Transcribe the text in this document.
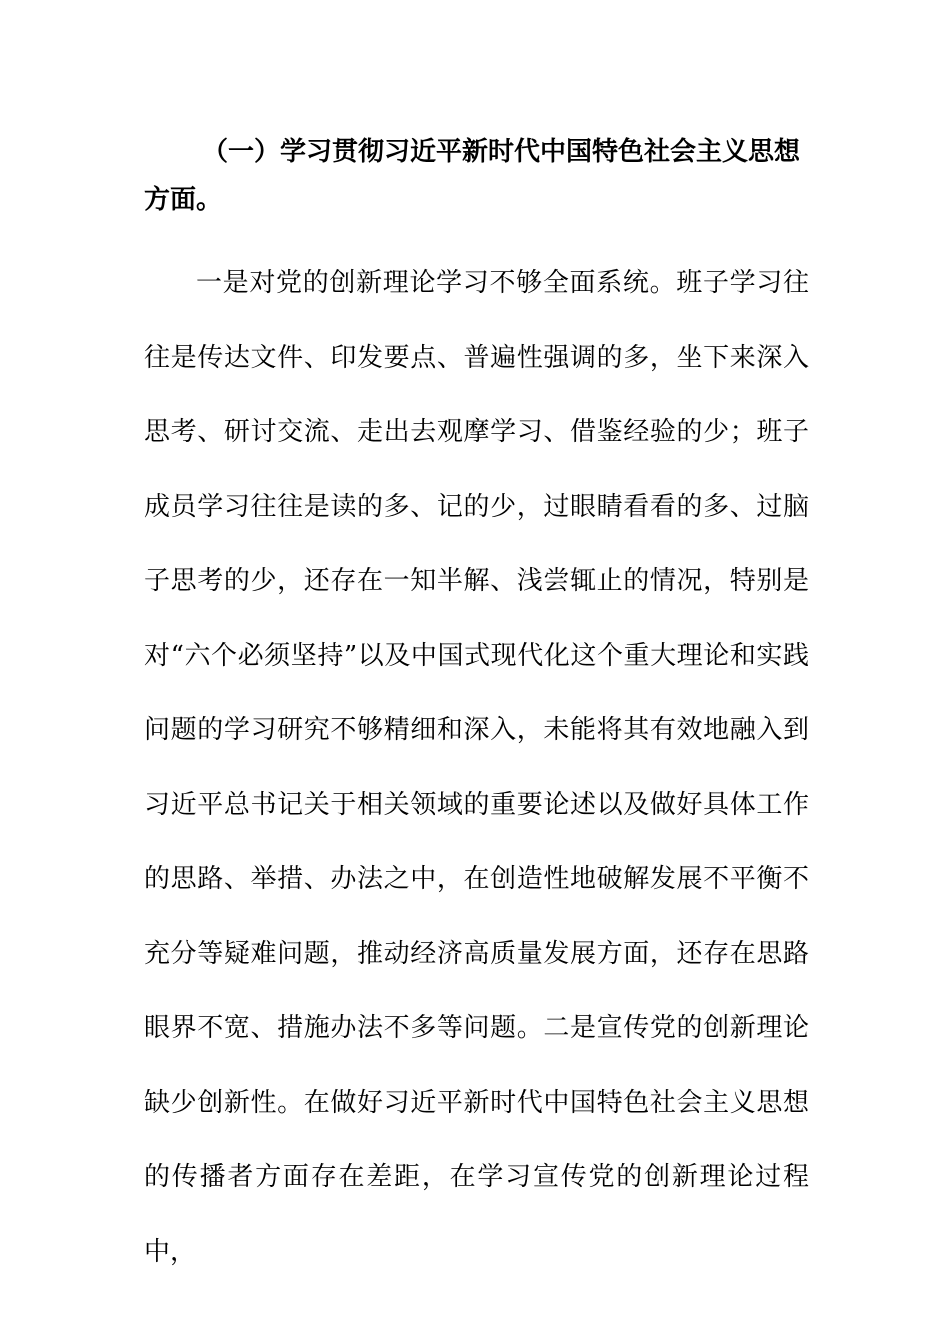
（一）学习贯彻习近平新时代中国特色社会主义思想方面。

一是对党的创新理论学习不够全面系统。班子学习往往是传达文件、印发要点、普遍性强调的多，坐下来深入思考、研讨交流、走出去观摩学习、借鉴经验的少；班子成员学习往往是读的多、记的少，过眼睛看看的多、过脑子思考的少，还存在一知半解、浅尝辄止的情况，特别是对“六个必须坚持”以及中国式现代化这个重大理论和实践问题的学习研究不够精细和深入，未能将其有效地融入到习近平总书记关于相关领域的重要论述以及做好具体工作的思路、举措、办法之中，在创造性地破解发展不平衡不充分等疑难问题，推动经济高质量发展方面，还存在思路眼界不宽、措施办法不多等问题。二是宣传党的创新理论缺少创新性。在做好习近平新时代中国特色社会主义思想的传播者方面存在差距，在学习宣传党的创新理论过程中，
